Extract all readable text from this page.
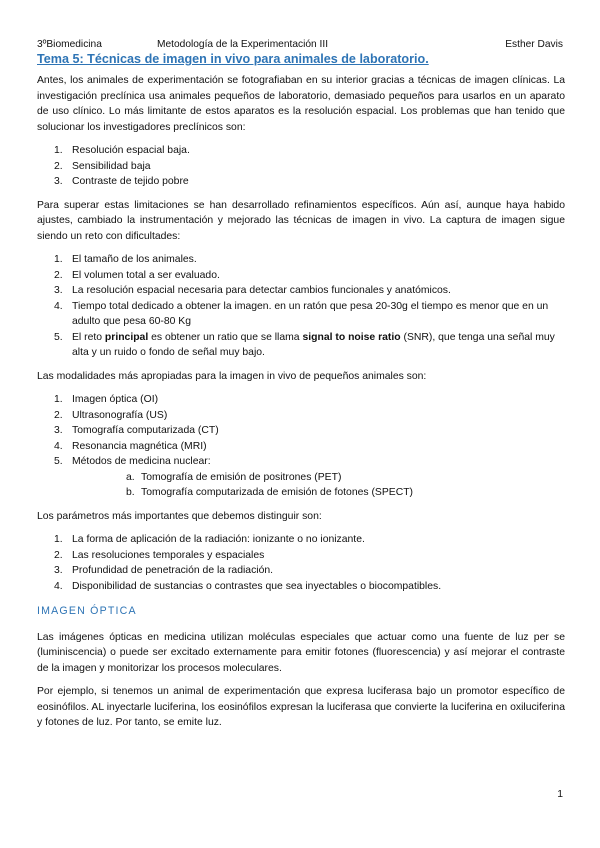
3ºBiomedicina	Metodología de la Experimentación III	Esther Davis
Tema 5: Técnicas de imagen in vivo para animales de laboratorio.

Antes, los animales de experimentación se fotografiaban en su interior gracias a técnicas de imagen clínicas. La investigación preclínica usa animales pequeños de laboratorio, demasiado pequeños para usarlos en un aparato de uso clínico. Lo más limitante de estos aparatos es la resolución espacial. Los problemas que han tenido que solucionar los investigadores preclínicos son:

1. Resolución espacial baja.
2. Sensibilidad baja
3. Contraste de tejido pobre

Para superar estas limitaciones se han desarrollado refinamientos específicos. Aún así, aunque haya habido ajustes, cambiado la instrumentación y mejorado las técnicas de imagen in vivo. La captura de imagen sigue siendo un reto con dificultades:

1. El tamaño de los animales.
2. El volumen total a ser evaluado.
3. La resolución espacial necesaria para detectar cambios funcionales y anatómicos.
4. Tiempo total dedicado a obtener la imagen. en un ratón que pesa 20-30g el tiempo es menor que en un adulto que pesa 60-80 Kg
5. El reto principal es obtener un ratio que se llama signal to noise ratio (SNR), que tenga una señal muy alta y un ruido o fondo de señal muy bajo.

Las modalidades más apropiadas para la imagen in vivo de pequeños animales son:

1. Imagen óptica (OI)
2. Ultrasonografía (US)
3. Tomografía computarizada (CT)
4. Resonancia magnética (MRI)
5. Métodos de medicina nuclear:
a. Tomografía de emisión de positrones (PET)
b. Tomografía computarizada de emisión de fotones (SPECT)

Los parámetros más importantes que debemos distinguir son:

1. La forma de aplicación de la radiación: ionizante o no ionizante.
2. Las resoluciones temporales y espaciales
3. Profundidad de penetración de la radiación.
4. Disponibilidad de sustancias o contrastes que sea inyectables o biocompatibles.
IMAGEN ÓPTICA

Las imágenes ópticas en medicina utilizan moléculas especiales que actuar como una fuente de luz per se (luminiscencia) o puede ser excitado externamente para emitir fotones (fluorescencia) y así mejorar el contraste de la imagen y monitorizar los procesos moleculares.

Por ejemplo, si tenemos un animal de experimentación que expresa luciferasa bajo un promotor específico de eosinófilos. AL inyectarle luciferina, los eosinófilos expresan la luciferasa que convierte la luciferina en oxiluciferina y fotones de luz. Por tanto, se emite luz.

1
